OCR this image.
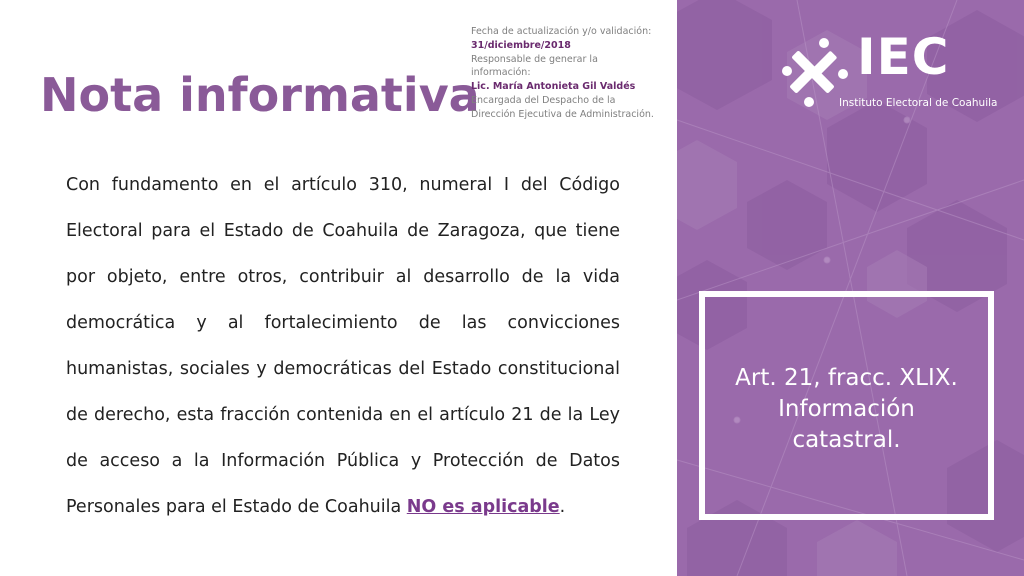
Nota informativa
Fecha de actualización y/o validación:
31/diciembre/2018
Responsable de generar la
información:
Lic. María Antonieta Gil Valdés
Encargada del Despacho de la
Dirección Ejecutiva de Administración.
Con fundamento en el artículo 310, numeral I del Código Electoral para el Estado de Coahuila de Zaragoza, que tiene por objeto, entre otros, contribuir al desarrollo de la vida democrática y al fortalecimiento de las convicciones humanistas, sociales y democráticas del Estado constitucional de derecho, esta fracción contenida en el artículo 21 de la Ley de acceso a la Información Pública y Protección de Datos Personales para el Estado de Coahuila NO es aplicable.
IEC
Instituto Electoral de Coahuila
Art. 21, fracc. XLIX.
Información
catastral.
